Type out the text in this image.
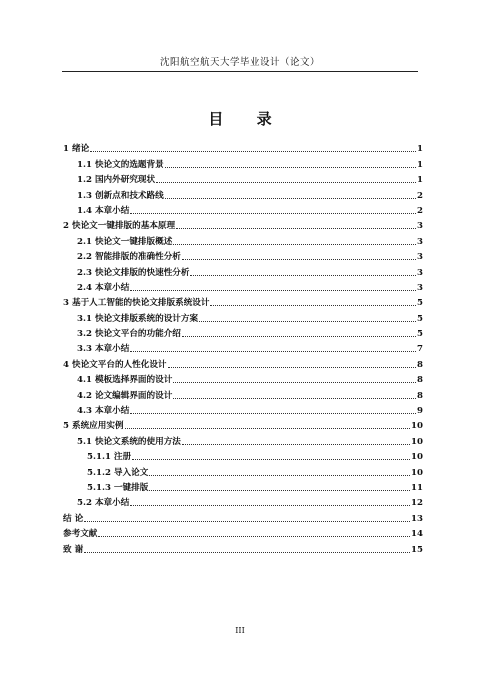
沈阳航空航天大学毕业设计（论文）
目 录
1 绪论	1
1.1 快论文的选题背景	1
1.2 国内外研究现状	1
1.3 创新点和技术路线	2
1.4 本章小结	2
2 快论文一键排版的基本原理	3
2.1 快论文一键排版概述	3
2.2 智能排版的准确性分析	3
2.3 快论文排版的快速性分析	3
2.4 本章小结	3
3 基于人工智能的快论文排版系统设计	5
3.1 快论文排版系统的设计方案	5
3.2 快论文平台的功能介绍	5
3.3 本章小结	7
4 快论文平台的人性化设计	8
4.1 模板选择界面的设计	8
4.2 论文编辑界面的设计	8
4.3 本章小结	9
5 系统应用实例	10
5.1 快论文系统的使用方法	10
5.1.1 注册	10
5.1.2 导入论文	10
5.1.3 一键排版	11
5.2 本章小结	12
结 论	13
参考文献	14
致 谢	15
III
